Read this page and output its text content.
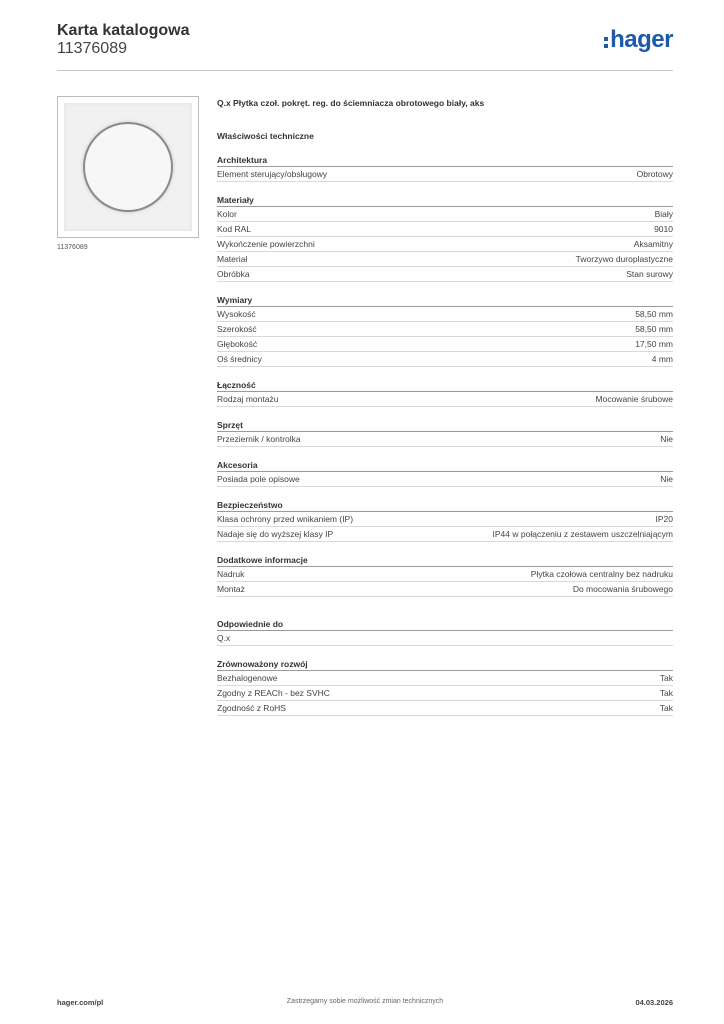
Karta katalogowa
11376089	hager
11376089
Q.x Płytka czoł. pokręt. reg. do ściemniacza obrotowego biały, aks
Właściwości techniczne
Architektura
Element sterujący/obsługowy	Obrotowy
Materiały
Kolor	Biały
Kod RAL	9010
Wykończenie powierzchni	Aksamitny
Materiał	Tworzywo duroplastyczne
Obróbka	Stan surowy
Wymiary
Wysokość	58,50 mm
Szerokość	58,50 mm
Głębokość	17,50 mm
Oś średnicy	4 mm
Łączność
Rodzaj montażu	Mocowanie śrubowe
Sprzęt
Przeziernik / kontrolka	Nie
Akcesoria
Posiada pole opisowe	Nie
Bezpieczeństwo
Klasa ochrony przed wnikaniem (IP)	IP20
Nadaje się do wyższej klasy IP	IP44 w połączeniu z zestawem uszczelniającym
Dodatkowe informacje
Nadruk	Płytka czołowa centralny bez nadruku
Montaż	Do mocowania śrubowego
Odpowiednie do
Q.x
Zrównoważony rozwój
Bezhalogenowe	Tak
Zgodny z REACh - bez SVHC	Tak
Zgodność z RoHS	Tak
Zastrzegamy sobie możliwość zmian technicznych
hager.com/pl	04.03.2026
